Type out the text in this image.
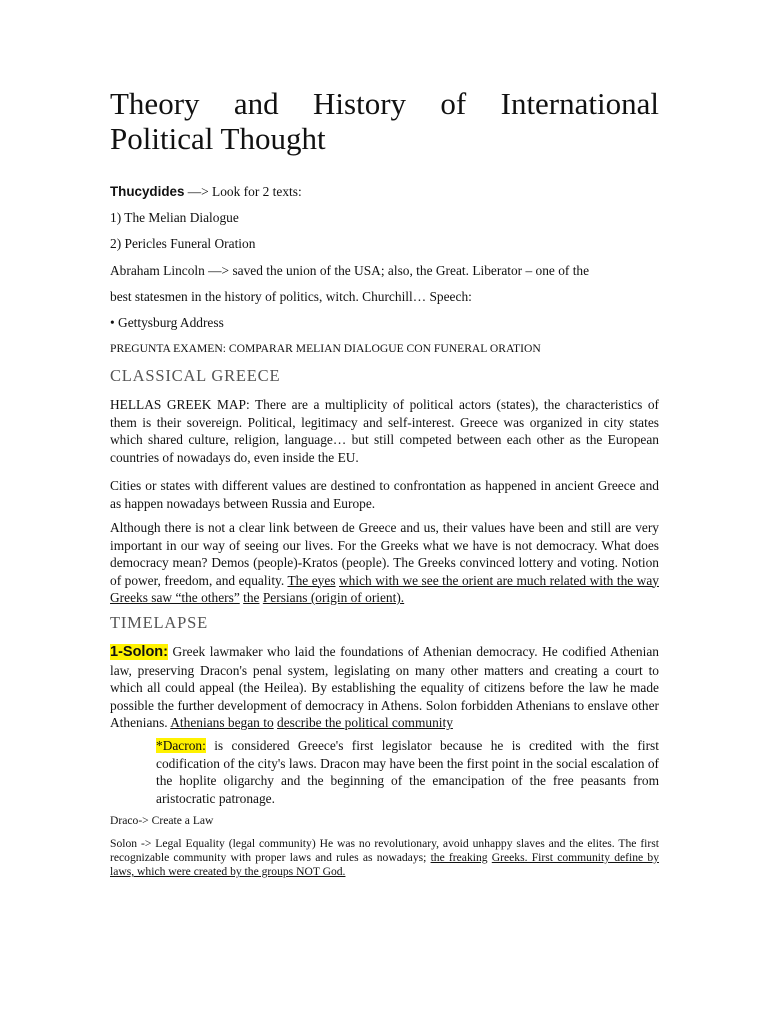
Theory and History of International Political Thought

Thucydides —> Look for 2 texts:

1) The Melian Dialogue

2) Pericles Funeral Oration

Abraham Lincoln —> saved the union of the USA; also, the Great. Liberator – one of the

best statesmen in the history of politics, witch. Churchill… Speech:

• Gettysburg Address

PREGUNTA EXAMEN: COMPARAR MELIAN DIALOGUE CON FUNERAL ORATION

CLASSICAL GREECE

HELLAS GREEK MAP: There are a multiplicity of political actors (states), the characteristics of them is their sovereign. Political, legitimacy and self-interest. Greece was organized in city states which shared culture, religion, language… but still competed between each other as the European countries of nowadays do, even inside the EU.

Cities or states with different values are destined to confrontation as happened in ancient Greece and as happen nowadays between Russia and Europe.

Although there is not a clear link between de Greece and us, their values have been and still are very important in our way of seeing our lives. For the Greeks what we have is not democracy. What does democracy mean? Demos (people)-Kratos (people). The Greeks convinced lottery and voting. Notion of power, freedom, and equality. The eyes which with we see the orient are much related with the way Greeks saw “the others” the Persians (origin of orient).

TIMELAPSE

1-Solon: Greek lawmaker who laid the foundations of Athenian democracy. He codified Athenian law, preserving Dracon's penal system, legislating on many other matters and creating a court to which all could appeal (the Heilea). By establishing the equality of citizens before the law he made possible the further development of democracy in Athens. Solon forbidden Athenians to enslave other Athenians. Athenians began to describe the political community

*Dacron: is considered Greece's first legislator because he is credited with the first codification of the city's laws. Dracon may have been the first point in the social escalation of the hoplite oligarchy and the beginning of the emancipation of the free peasants from aristocratic patronage.

Draco-> Create a Law

Solon -> Legal Equality (legal community) He was no revolutionary, avoid unhappy slaves and the elites. The first recognizable community with proper laws and rules as nowadays; the freaking Greeks. First community define by laws, which were created by the groups NOT God.
